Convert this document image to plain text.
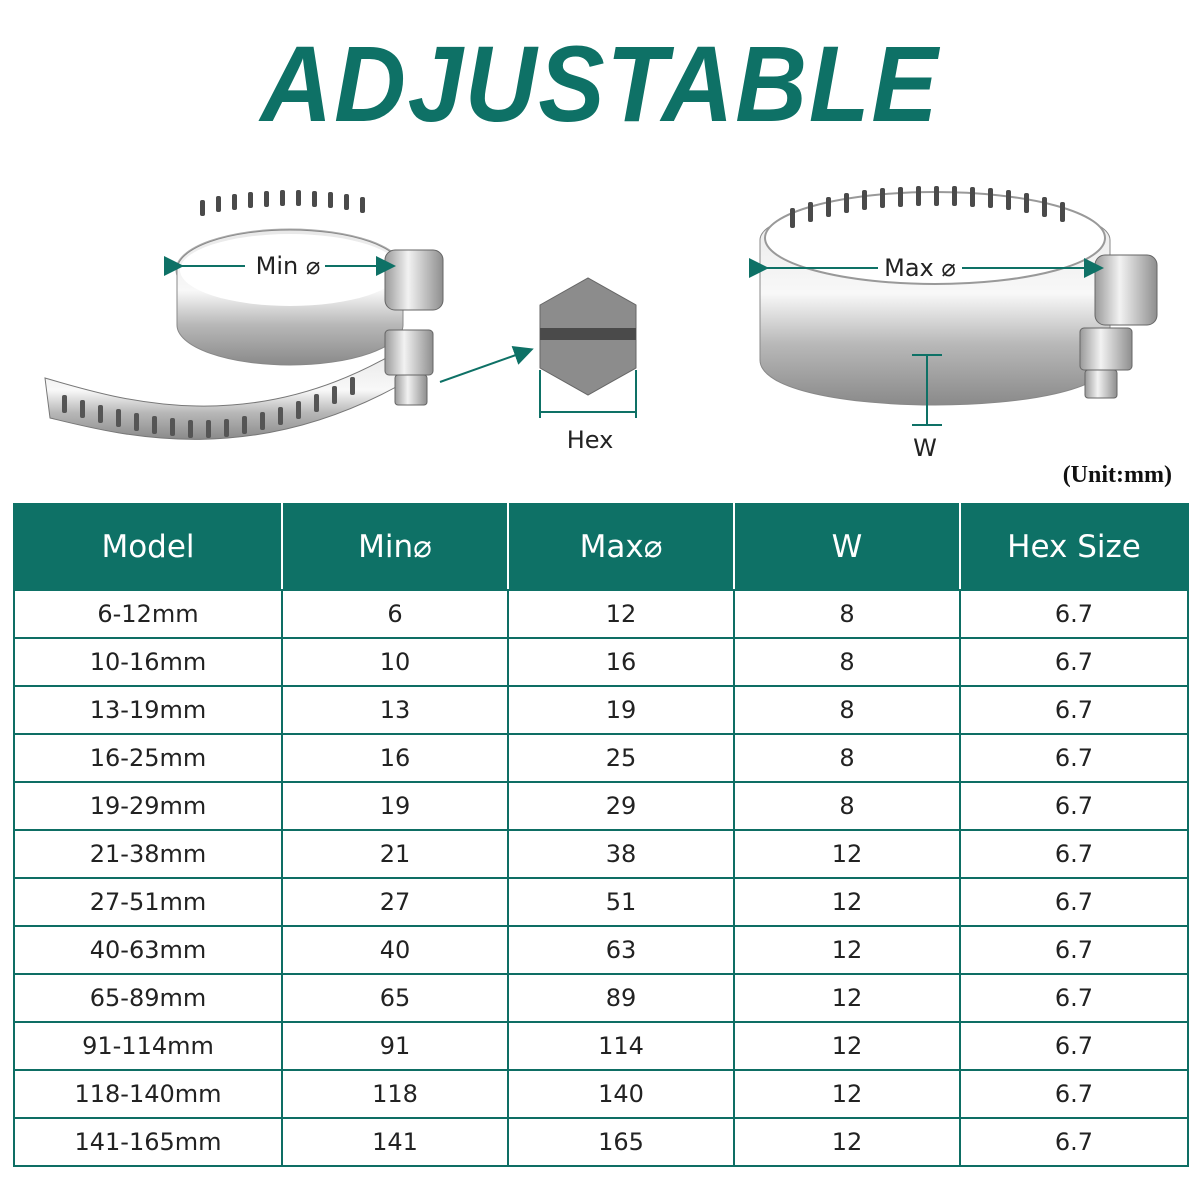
ADJUSTABLE
Min ⌀
Hex
Max ⌀
W
(Unit:mm)
Model	Min⌀	Max⌀	W	Hex Size
6-12mm	6	12	8	6.7
10-16mm	10	16	8	6.7
13-19mm	13	19	8	6.7
16-25mm	16	25	8	6.7
19-29mm	19	29	8	6.7
21-38mm	21	38	12	6.7
27-51mm	27	51	12	6.7
40-63mm	40	63	12	6.7
65-89mm	65	89	12	6.7
91-114mm	91	114	12	6.7
118-140mm	118	140	12	6.7
141-165mm	141	165	12	6.7
